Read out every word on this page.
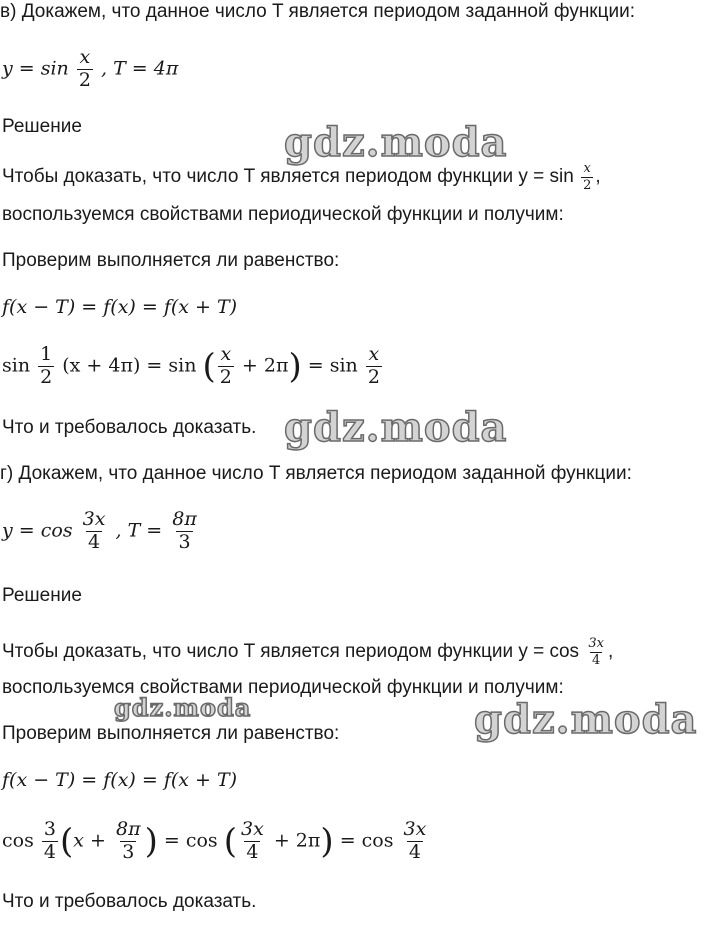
в) Докажем, что данное число T является периодом заданной функции:
$y = \sin \frac{x}{2}$ , T = 4π
Решение
Чтобы доказать, что число T является периодом функции $y = \sin \frac{x}{2}$ ,
воспользуемся свойствами периодической функции и получим:
Проверим выполняется ли равенство:
f(x − T) = f(x) = f(x + T)
$\sin \frac{1}{2} (x + 4\pi) = \sin$ ( $\frac{x}{2} + 2\pi) = \sin \frac{x}{2}$
Что и требовалось доказать.
г) Докажем, что данное число T является периодом заданной функции:
$y = \cos \frac{3x}{4}$ , $T = \frac{8\pi}{3}$
Решение
Чтобы доказать, что число T является периодом функции $y = \cos \frac{3x}{4}$ ,
воспользуемся свойствами периодической функции и получим:
Проверим выполняется ли равенство:
f(x − T) = f(x) = f(x + T)
$\cos \frac{3}{4} (x + \frac{8\pi}{3}$ ) = cos ( $\frac{3x}{4} + 2\pi) = \cos \frac{3x}{4}$
Что и требовалось доказать.
gdz.moda
gdz.moda
gdz.moda	gdz.moda
